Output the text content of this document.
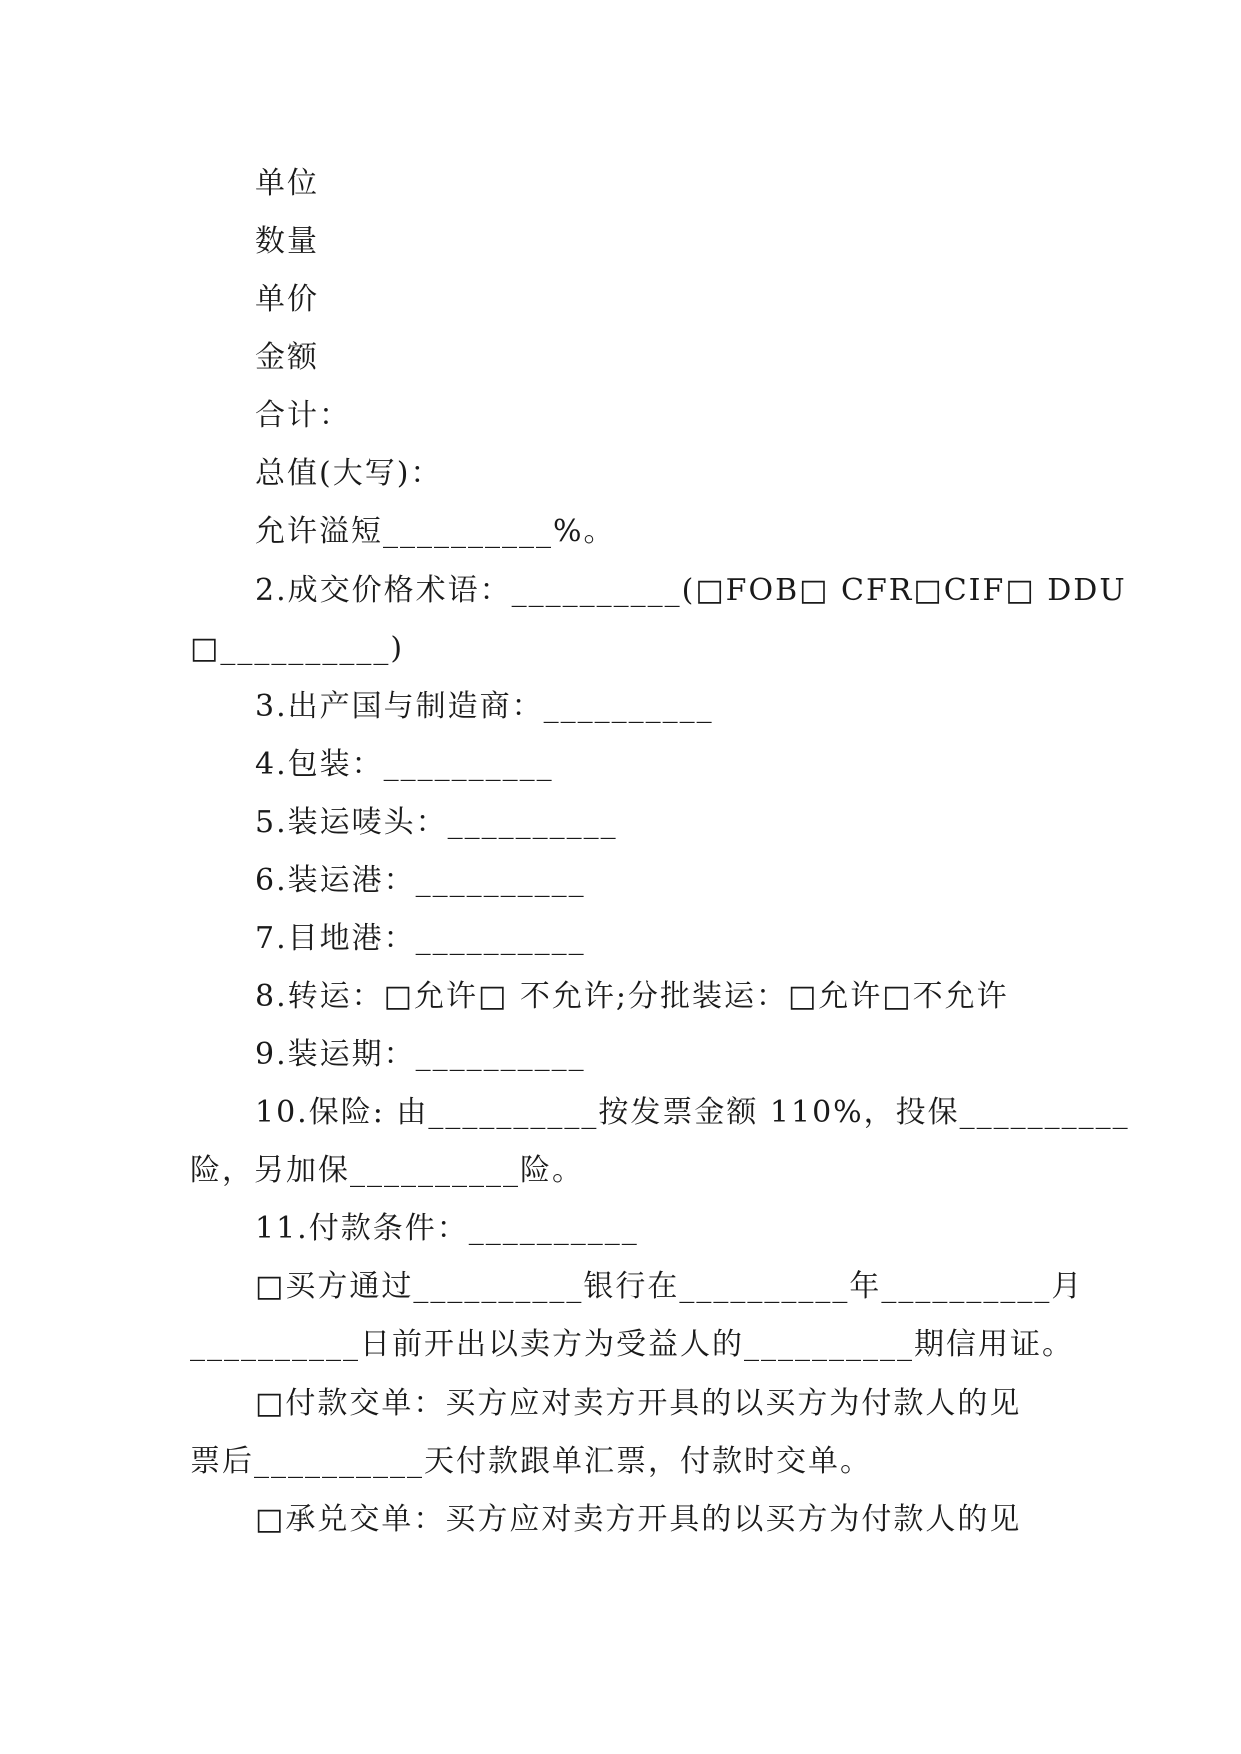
单位
数量
单价
金额
合计：
总值(大写)：
允许溢短__________%。
2.成交价格术语：__________(□FOB□ CFR□CIF□ DDU
□__________)
3.出产国与制造商：__________
4.包装：__________
5.装运唛头：__________
6.装运港：__________
7.目地港：__________
8.转运：□允许□ 不允许;分批装运：□允许□不允许
9.装运期：__________
10.保险: 由__________按发票金额 110%，投保__________
险，另加保__________险。
11.付款条件：__________
□买方通过__________银行在__________年__________月
__________日前开出以卖方为受益人的__________期信用证。
□付款交单：买方应对卖方开具的以买方为付款人的见
票后__________天付款跟单汇票，付款时交单。
□承兑交单：买方应对卖方开具的以买方为付款人的见
